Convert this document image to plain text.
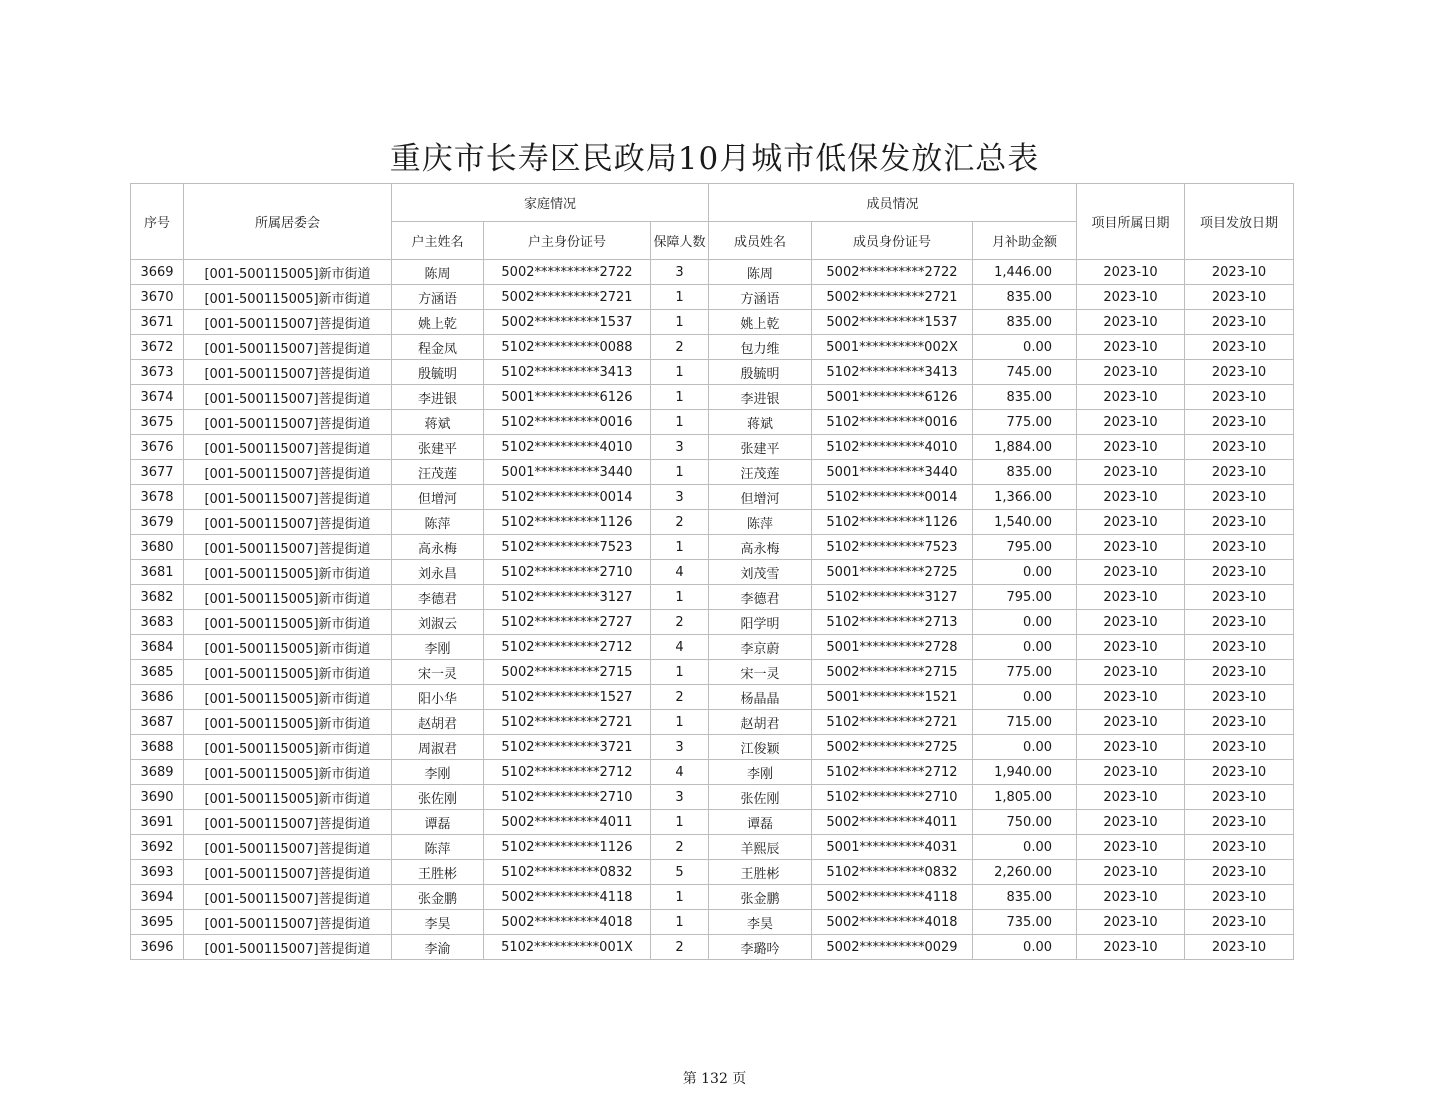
重庆市长寿区民政局10月城市低保发放汇总表
序号	所属居委会	家庭情况			成员情况			项目所属日期	项目发放日期
		户主姓名	户主身份证号	保障人数	成员姓名	成员身份证号	月补助金额		
3669	[001-500115005]新市街道	陈周	5002**********2722	3	陈周	5002**********2722	1,446.00	2023-10	2023-10
3670	[001-500115005]新市街道	方涵语	5002**********2721	1	方涵语	5002**********2721	835.00	2023-10	2023-10
3671	[001-500115007]菩提街道	姚上乾	5002**********1537	1	姚上乾	5002**********1537	835.00	2023-10	2023-10
3672	[001-500115007]菩提街道	程金凤	5102**********0088	2	包力维	5001**********002X	0.00	2023-10	2023-10
3673	[001-500115007]菩提街道	殷毓明	5102**********3413	1	殷毓明	5102**********3413	745.00	2023-10	2023-10
3674	[001-500115007]菩提街道	李进银	5001**********6126	1	李进银	5001**********6126	835.00	2023-10	2023-10
3675	[001-500115007]菩提街道	蒋斌	5102**********0016	1	蒋斌	5102**********0016	775.00	2023-10	2023-10
3676	[001-500115007]菩提街道	张建平	5102**********4010	3	张建平	5102**********4010	1,884.00	2023-10	2023-10
3677	[001-500115007]菩提街道	汪茂莲	5001**********3440	1	汪茂莲	5001**********3440	835.00	2023-10	2023-10
3678	[001-500115007]菩提街道	但增河	5102**********0014	3	但增河	5102**********0014	1,366.00	2023-10	2023-10
3679	[001-500115007]菩提街道	陈萍	5102**********1126	2	陈萍	5102**********1126	1,540.00	2023-10	2023-10
3680	[001-500115007]菩提街道	高永梅	5102**********7523	1	高永梅	5102**********7523	795.00	2023-10	2023-10
3681	[001-500115005]新市街道	刘永昌	5102**********2710	4	刘茂雪	5001**********2725	0.00	2023-10	2023-10
3682	[001-500115005]新市街道	李德君	5102**********3127	1	李德君	5102**********3127	795.00	2023-10	2023-10
3683	[001-500115005]新市街道	刘淑云	5102**********2727	2	阳学明	5102**********2713	0.00	2023-10	2023-10
3684	[001-500115005]新市街道	李刚	5102**********2712	4	李京蔚	5001**********2728	0.00	2023-10	2023-10
3685	[001-500115005]新市街道	宋一灵	5002**********2715	1	宋一灵	5002**********2715	775.00	2023-10	2023-10
3686	[001-500115005]新市街道	阳小华	5102**********1527	2	杨晶晶	5001**********1521	0.00	2023-10	2023-10
3687	[001-500115005]新市街道	赵胡君	5102**********2721	1	赵胡君	5102**********2721	715.00	2023-10	2023-10
3688	[001-500115005]新市街道	周淑君	5102**********3721	3	江俊颖	5002**********2725	0.00	2023-10	2023-10
3689	[001-500115005]新市街道	李刚	5102**********2712	4	李刚	5102**********2712	1,940.00	2023-10	2023-10
3690	[001-500115005]新市街道	张佐刚	5102**********2710	3	张佐刚	5102**********2710	1,805.00	2023-10	2023-10
3691	[001-500115007]菩提街道	谭磊	5002**********4011	1	谭磊	5002**********4011	750.00	2023-10	2023-10
3692	[001-500115007]菩提街道	陈萍	5102**********1126	2	羊熙辰	5001**********4031	0.00	2023-10	2023-10
3693	[001-500115007]菩提街道	王胜彬	5102**********0832	5	王胜彬	5102**********0832	2,260.00	2023-10	2023-10
3694	[001-500115007]菩提街道	张金鹏	5002**********4118	1	张金鹏	5002**********4118	835.00	2023-10	2023-10
3695	[001-500115007]菩提街道	李昊	5002**********4018	1	李昊	5002**********4018	735.00	2023-10	2023-10
3696	[001-500115007]菩提街道	李渝	5102**********001X	2	李璐吟	5002**********0029	0.00	2023-10	2023-10
第 132 页
